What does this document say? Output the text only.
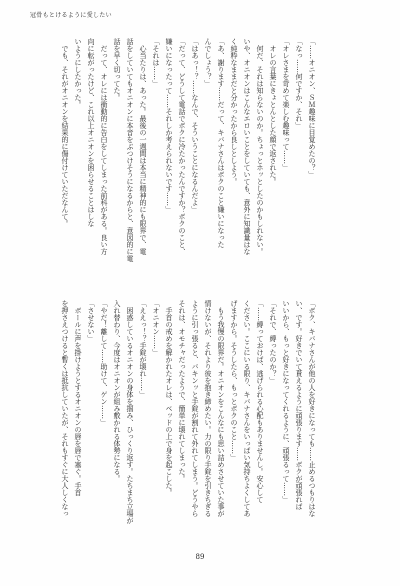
冠骨もとけるように愛したい
「……オニオン、ＳＭ趣味に目覚めたの？」
「なっ……何ですか、それ」
「オレさまを苛めて楽しむ趣味って……」
　オレの言葉にきょとんとした顔で返された。
　何だ、それは知らないのか。ちょっとホッとしたのかもしれない。
いや、オニオンはこんなエロいことをしていても、意外に知識量はな
く純粋なままだと分かったから良しとしよう。
「あ、謝ります……だって、キバナさんはボクのこと嫌いになった
んでしょう？」
「はあっ！？……なんで、そういうことになるんだよ」
「だって、どうして電話でボクに冷たかったんですか？ボクのこと、
嫌いになったって……それしか考えられないです……」
「それは……」
　心当たりは、あった。最後の一週間は本当に精神的にも限界で、電
話をしていてもオニオンに本音をぶつけそうになるからと、意図的に電
話を早く切ってた。
　だって、オレには衝動的に告白をしてしまった前科がある。良い方
向に転がったけど、これ以上オニオンを困らせることはしな
いようにしたかった。
　でも、それがオニオンを結果的に傷付けていただなんて。
「ボク、キバナさんが他の人を好きになっても……止めるつもりはな
い、です。好きでいて貰えるように頑張ります……ボクが頑張れば
いいから、もっと好きになってくれるように、頑張るって……」
「それで、縛ったのか？」
「……縛っておけば、逃げられる心配もありませんし。安心して
ください。ここにいる限り、キバナさんをいっぱい気持ちよくしてあ
げますから。そうしたら、もっとボクのこと……」
　もう我慢の限界だ。オニオンをこんなにも思い詰めさせていた事が
情けないが、それより彼を抱き締めたい。力の限り手錠を引きちぎる
ように引っ張ると、バキンッと手錠が割れて外れてしまう。どうやら
それは、オモチャだったようで、簡単に壊れてしまった。
　手首の戒めを解かれたオレは、ベッドの上で身を起こした。
「オニオン……」
「ええっ！？手錠が壊れ……」
　困惑しているオニオンの身体を掴み、ひっくり返す。たちまち立場が
入れ替わり、今度はオニオンが組み敷かれる体勢になる。
「やだ！離して……助けて、ゲン……」
「させない」
　ボールに声を掛けようとするオニオンの唇を唇で塞ぐ。手首
を押さえつけると暫くは抵抗していたが、それもすぐに大人しくなっ
89
